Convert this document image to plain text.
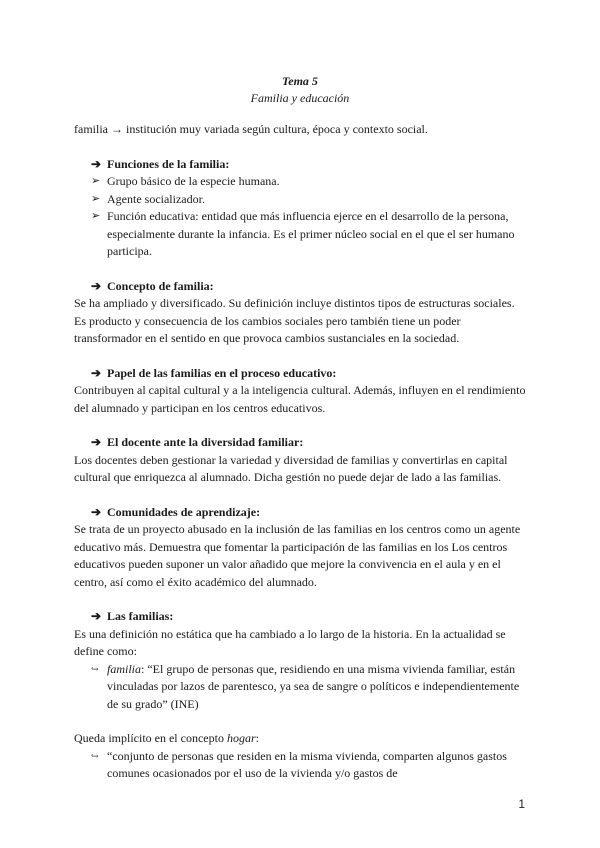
Tema 5
Familia y educación

familia → institución muy variada según cultura, época y contexto social.

➔ Funciones de la familia:
➢ Grupo básico de la especie humana.
➢ Agente socializador.
➢ Función educativa: entidad que más influencia ejerce en el desarrollo de la persona, especialmente durante la infancia. Es el primer núcleo social en el que el ser humano participa.
➔ Concepto de familia:

Se ha ampliado y diversificado. Su definición incluye distintos tipos de estructuras sociales. Es producto y consecuencia de los cambios sociales pero también tiene un poder transformador en el sentido en que provoca cambios sustanciales en la sociedad.

➔ Papel de las familias en el proceso educativo:

Contribuyen al capital cultural y a la inteligencia cultural. Además, influyen en el rendimiento del alumnado y participan en los centros educativos.

➔ El docente ante la diversidad familiar:

Los docentes deben gestionar la variedad y diversidad de familias y convertirlas en capital cultural que enriquezca al alumnado. Dicha gestión no puede dejar de lado a las familias.

➔ Comunidades de aprendizaje:

Se trata de un proyecto abusado en la inclusión de las familias en los centros como un agente educativo más. Demuestra que fomentar la participación de las familias en los Los centros educativos pueden suponer un valor añadido que mejore la convivencia en el aula y en el centro, así como el éxito académico del alumnado.

➔ Las familias:

Es una definición no estática que ha cambiado a lo largo de la historia. En la actualidad se define como:

↪ familia: “El grupo de personas que, residiendo en una misma vivienda familiar, están vinculadas por lazos de parentesco, ya sea de sangre o políticos e independientemente de su grado” (INE)

Queda implícito en el concepto hogar:

↪ “conjunto de personas que residen en la misma vivienda, comparten algunos gastos comunes ocasionados por el uso de la vivienda y/o gastos de
1
